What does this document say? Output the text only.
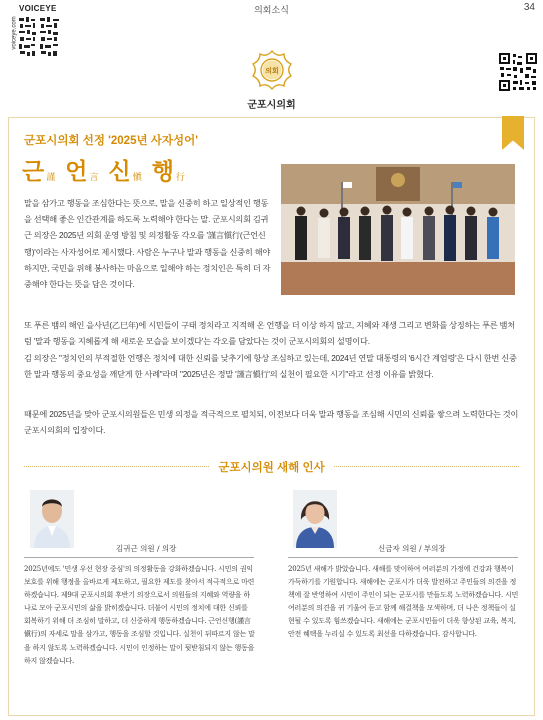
VOICEYE
voiceye.com
의회소식	34
의회
군포시의회
군포시의회 선정 '2025년 사자성어'
근 謹 언 言 신 愼 행 行
말을 삼가고 행동을 조심한다는 뜻으로, 말을 신중히 하고 일상적인 행동을 선택해 좋은 인간관계를 하도록 노력해야 한다는 말. 군포시의회 김귀근 의장은 2025년 의회 운영 방침 및 의정활동 각오를 '謹言愼行(근언신행)'이라는 사자성어로 제시했다. 사람은 누구나 말과 행동을 신중히 해야 하지만, 국민을 위해 봉사하는 마음으로 일해야 하는 정치인은 특히 더 자중해야 한다는 뜻을 담은 것이다.
또 푸른 뱀의 해인 을사년(乙巳年)에 시민들이 구태 정치라고 지적해 온 언행을 더 이상 하지 않고, 지혜와 재생 그리고 변화를 상징하는 푸른 뱀처럼 '말과 행동을 지혜롭게 해 새로운 모습을 보이겠다'는 각오를 담았다는 것이 군포시의회의 설명이다.
김 의장은 "정치인의 부적절한 언행은 정치에 대한 신뢰를 낮추기에 항상 조심하고 있는데, 2024년 연말 대통령의 '6시간 계엄령'은 다시 한번 신중한 말과 행동의 중요성을 깨닫게 한 사례"라며 "2025년은 정말 '謹言愼行'의 실천이 필요한 시기"라고 선정 이유를 밝혔다.
때문에 2025년을 맞아 군포시의원들은 민생 의정을 적극적으로 펼치되, 이전보다 더욱 말과 행동을 조심해 시민의 신뢰를 쌓으려 노력한다는 것이 군포시의회의 입장이다.
군포시의원 새해 인사
김귀근 의원 / 의장
2025년에도 '민생 우선 현장 중심'의 의정활동을 강화하겠습니다. 시민의 권익 보호를 위해 행정을 올바르게 제도하고, 필요한 제도를 찾아서 적극적으로 마련하겠습니다. 제9대 군포시의회 후반기 의장으로서 의원들의 지혜와 역량을 하나로 모아 군포시민의 삶을 밝히겠습니다. 더불어 시민의 정치에 대한 신뢰를 회복하기 위해 더 조심히 말하고, 더 신중하게 행동하겠습니다. 근언신행(謹言愼行)의 자세로 말을 삼가고, 행동을 조심할 것입니다. 실천이 뒤따르지 않는 말을 하지 않도록 노력하겠습니다. 시민이 인정하는 말이 뒷받침되지 않는 행동을 하지 않겠습니다.
신금자 의원 / 부의장
2025년 새해가 밝았습니다. 새해를 맞이하여 여러분의 가정에 건강과 행복이 가득하기를 기원합니다. 새해에는 군포시가 더욱 발전하고 주민들의 의견을 정책에 잘 반영하여 시민이 주인이 되는 군포시를 만들도록 노력하겠습니다. 시민 여러분의 의견을 귀 기울여 듣고 함께 해결책을 모색하며, 더 나은 정책들이 실현될 수 있도록 힘쓰겠습니다. 새해에는 군포시민들이 더욱 향상된 교육, 복지, 안전 혜택을 누리실 수 있도록 최선을 다하겠습니다. 감사합니다.
